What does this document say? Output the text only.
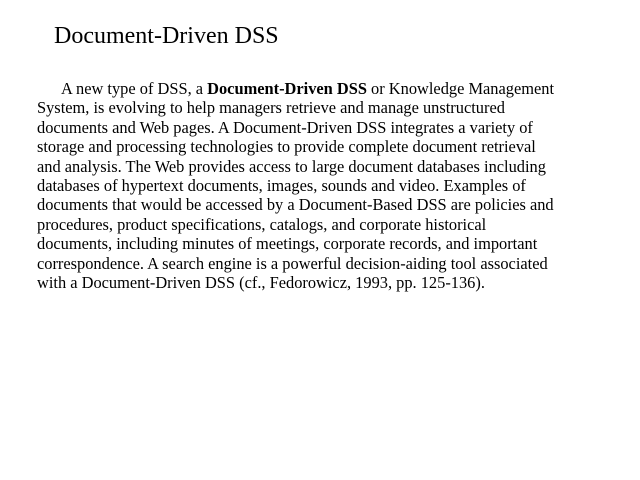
Document-Driven DSS
A new type of DSS, a Document-Driven DSS or Knowledge Management
System, is evolving to help managers retrieve and manage unstructured
documents and Web pages. A Document-Driven DSS integrates a variety of
storage and processing technologies to provide complete document retrieval
and analysis. The Web provides access to large document databases including
databases of hypertext documents, images, sounds and video. Examples of
documents that would be accessed by a Document-Based DSS are policies and
procedures, product specifications, catalogs, and corporate historical
documents, including minutes of meetings, corporate records, and important
correspondence. A search engine is a powerful decision-aiding tool associated
with a Document-Driven DSS (cf., Fedorowicz, 1993, pp. 125-136).
